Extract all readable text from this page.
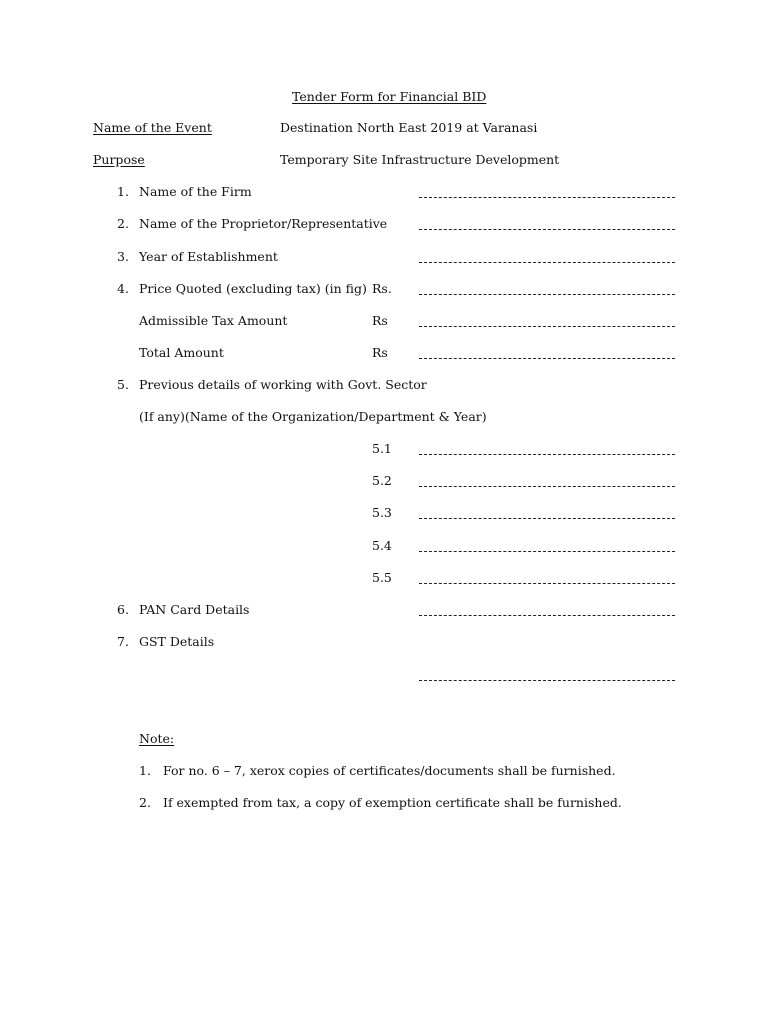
Tender Form for Financial BID
Name of the Event	Destination North East 2019 at Varanasi
Purpose	Temporary Site Infrastructure Development
1. Name of the Firm
2. Name of the Proprietor/Representative
3. Year of Establishment
4. Price Quoted (excluding tax) (in fig) Rs.
Admissible Tax Amount	Rs
Total Amount	Rs
5. Previous details of working with Govt. Sector
(If any)(Name of the Organization/Department & Year)
5.1
5.2
5.3
5.4
5.5
6. PAN Card Details
7. GST Details
Note:
1. For no. 6 – 7, xerox copies of certificates/documents shall be furnished.
2. If exempted from tax, a copy of exemption certificate shall be furnished.
